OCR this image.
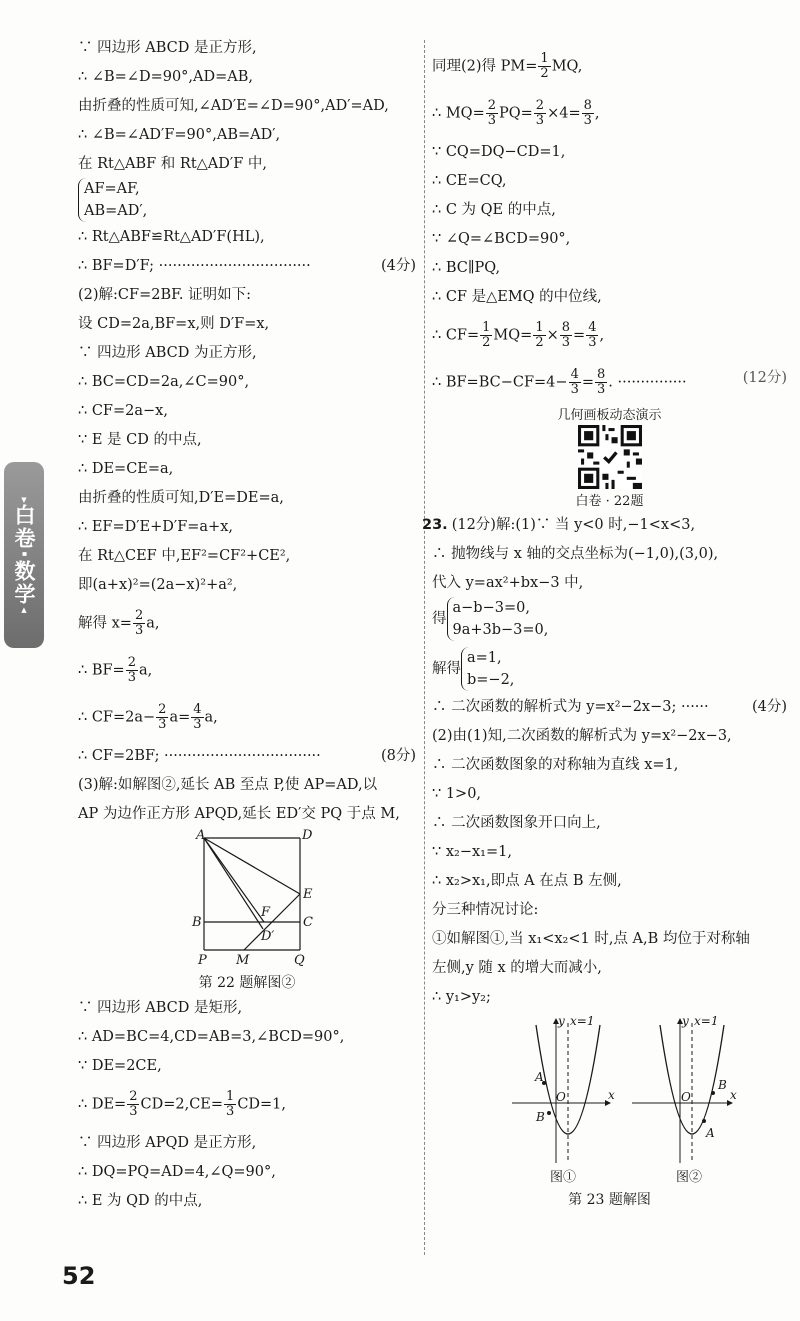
▼
白卷·数学
▲

∵ 四边形 ABCD 是正方形,

∴ ∠B=∠D=90°,AD=AB,

由折叠的性质可知,∠AD′E=∠D=90°,AD′=AD,

∴ ∠B=∠AD′F=90°,AB=AD′,

在 Rt△ABF 和 Rt△AD′F 中,

AF=AF,
AB=AD′,

∴ Rt△ABF≌Rt△AD′F(HL),

∴ BF=D′F; ·································	(4分)

(2)解:CF=2BF. 证明如下:

设 CD=2a,BF=x,则 D′F=x,

∵ 四边形 ABCD 为正方形,

∴ BC=CD=2a,∠C=90°,

∴ CF=2a−x,

∵ E 是 CD 的中点,

∴ DE=CE=a,

由折叠的性质可知,D′E=DE=a,

∴ EF=D′E+D′F=a+x,

在 Rt△CEF 中,EF²=CF²+CE²,

即(a+x)²=(2a−x)²+a²,

解得 $x= \frac{2}{3} a$,

∴ $BF= \frac{2}{3} a$,

∴ $CF=2a- \frac{2}{3} a= \frac{4}{3} a$,

∴ CF=2BF; ··································	(8分)

(3)解:如解图②,延长 AB 至点 P,使 AP=AD,以

AP 为边作正方形 APQD,延长 ED′交 PQ 于点 M,

A	D
E
F
B	C
D′
P M	Q

第 22 题解图②

∵ 四边形 ABCD 是矩形,

∴ AD=BC=4,CD=AB=3,∠BCD=90°,

∵ DE=2CE,

∴ $DE= \frac{2}{3} CD=2,CE= \frac{1}{3} CD=1$,

∵ 四边形 APQD 是正方形,

∴ DQ=PQ=AD=4,∠Q=90°,

∴ E 为 QD 的中点,

同理(2)得 $PM= \frac{1}{2}$ MQ,

∴ $MQ= \frac{2}{3} PQ= \frac{2}{3} \times 4= \frac{8}{3}$ ,

∵ CQ=DQ−CD=1,

∴ CE=CQ,

∴ C 为 QE 的中点,

∵ ∠Q=∠BCD=90°,

∴ BC∥PQ,

∴ CF 是△EMQ 的中位线,

∴ $CF= \frac{1}{2} MQ= \frac{1}{2} \times \frac{8}{3} = \frac{4}{3}$ ,

∴ $BF=BC-CF=4- \frac{4}{3} = \frac{8}{3}$ . ···············	(12分)

几何画板动态演示
白卷 · 22题

23. (12分)解:(1)∵ 当 y<0 时,−1<x<3,

∴ 抛物线与 x 轴的交点坐标为(−1,0),(3,0),

代入 y=ax²+bx−3 中,

得
a−b−3=0,
9a+3b−3=0,
解得
a=1,
b=−2,

∴ 二次函数的解析式为 y=x²−2x−3; ······	(4分)

(2)由(1)知,二次函数的解析式为 y=x²−2x−3,

∴ 二次函数图象的对称轴为直线 x=1,

∵ 1>0,

∴ 二次函数图象开口向上,

∵ x₂−x₁=1,

∴ x₂>x₁,即点 A 在点 B 左侧,

分三种情况讨论:

①如解图①,当 x₁<x₂<1 时,点 A,B 均位于对称轴

左侧,y 随 x 的增大而减小,

∴ y₁>y₂;

y x=1
x
O
A
B
y x=1
x
O
A
B
图①	图②

第 23 题解图

52
